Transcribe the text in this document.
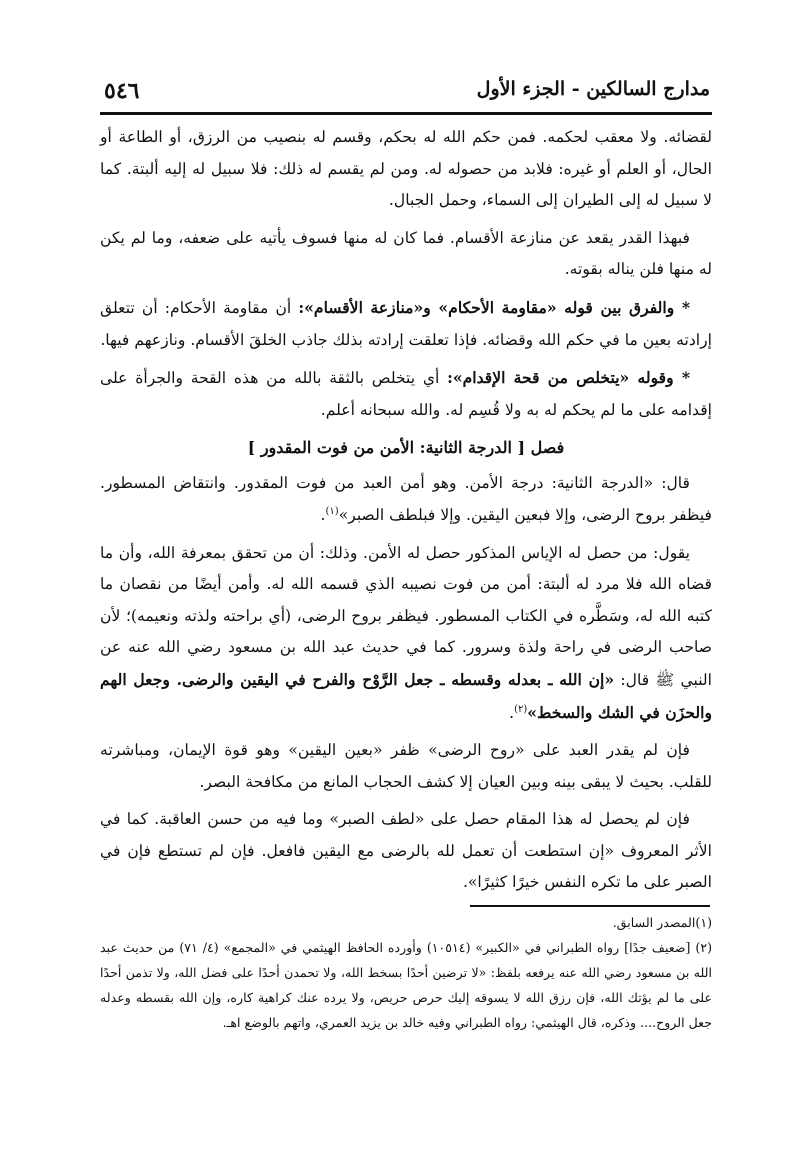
٥٤٦	مدارج السالكين - الجزء الأول

لقضائه. ولا معقب لحكمه. فمن حكم الله له بحكم، وقسم له بنصيب من الرزق، أو الطاعة أو الحال، أو العلم أو غيره: فلابد من حصوله له. ومن لم يقسم له ذلك: فلا سبيل له إليه ألبتة. كما لا سبيل له إلى الطيران إلى السماء، وحمل الجبال.

فبهذا القدر يقعد عن منازعة الأقسام. فما كان له منها فسوف يأتيه على ضعفه، وما لم يكن له منها فلن يناله بقوته.

* والفرق بين قوله «مقاومة الأحكام» و«منازعة الأقسام»: أن مقاومة الأحكام: أن تتعلق إرادته بعين ما في حكم الله وقضائه. فإذا تعلقت إرادته بذلك جاذب الخلقَ الأقسام. ونازعهم فيها.

* وقوله «يتخلص من قحة الإقدام»: أي يتخلص بالثقة بالله من هذه القحة والجرأة على إقدامه على ما لم يحكم له به ولا قُسِم له. والله سبحانه أعلم.

فصل [ الدرجة الثانية: الأمن من فوت المقدور ]

قال: «الدرجة الثانية: درجة الأمن. وهو أمن العبد من فوت المقدور. وانتقاض المسطور. فيظفر بروح الرضى، وإلا فبعين اليقين. وإلا فبلطف الصبر»$^{(١)}$.

يقول: من حصل له الإياس المذكور حصل له الأمن. وذلك: أن من تحقق بمعرفة الله، وأن ما قضاه الله فلا مرد له ألبتة: أمن من فوت نصيبه الذي قسمه الله له. وأمن أيضًا من نقصان ما كتبه الله له، وسَطَّره في الكتاب المسطور. فيظفر بروح الرضى، (أي براحته ولذته ونعيمه)؛ لأن صاحب الرضى في راحة ولذة وسرور. كما في حديث عبد الله بن مسعود رضي الله عنه عن النبي ﷺ قال: «إن الله ـ بعدله وقسطه ـ جعل الرَّوْح والفرح في اليقين والرضى. وجعل الهم والحزَن في الشك والسخط»$^{(٢)}$.

فإن لم يقدر العبد على «روح الرضى» ظفر «بعين اليقين» وهو قوة الإيمان، ومباشرته للقلب. بحيث لا يبقى بينه وبين العيان إلا كشف الحجاب المانع من مكافحة البصر.

فإن لم يحصل له هذا المقام حصل على «لطف الصبر» وما فيه من حسن العاقبة. كما في الأثر المعروف «إن استطعت أن تعمل لله بالرضى مع اليقين فافعل. فإن لم تستطع فإن في الصبر على ما تكره النفس خيرًا كثيرًا».

(١)المصدر السابق.

(٢) [ضعيف جدًا] رواه الطبراني في «الكبير» (١٠٥١٤) وأورده الحافظ الهيثمي في «المجمع» (٤/ ٧١) من حديث عبد الله بن مسعود رضي الله عنه يرفعه بلفظ: «لا ترضين أحدًا بسخط الله، ولا تحمدن أحدًا على فضل الله، ولا تذمن أحدًا على ما لم يؤتك الله، فإن رزق الله لا يسوقه إليك حرص حريص، ولا يرده عنك كراهية كاره، وإن الله بقسطه وعدله جعل الروح.... وذكره، قال الهيثمي: رواه الطبراني وفيه خالد بن يزيد العمري، واتهم بالوضع اهـ.
